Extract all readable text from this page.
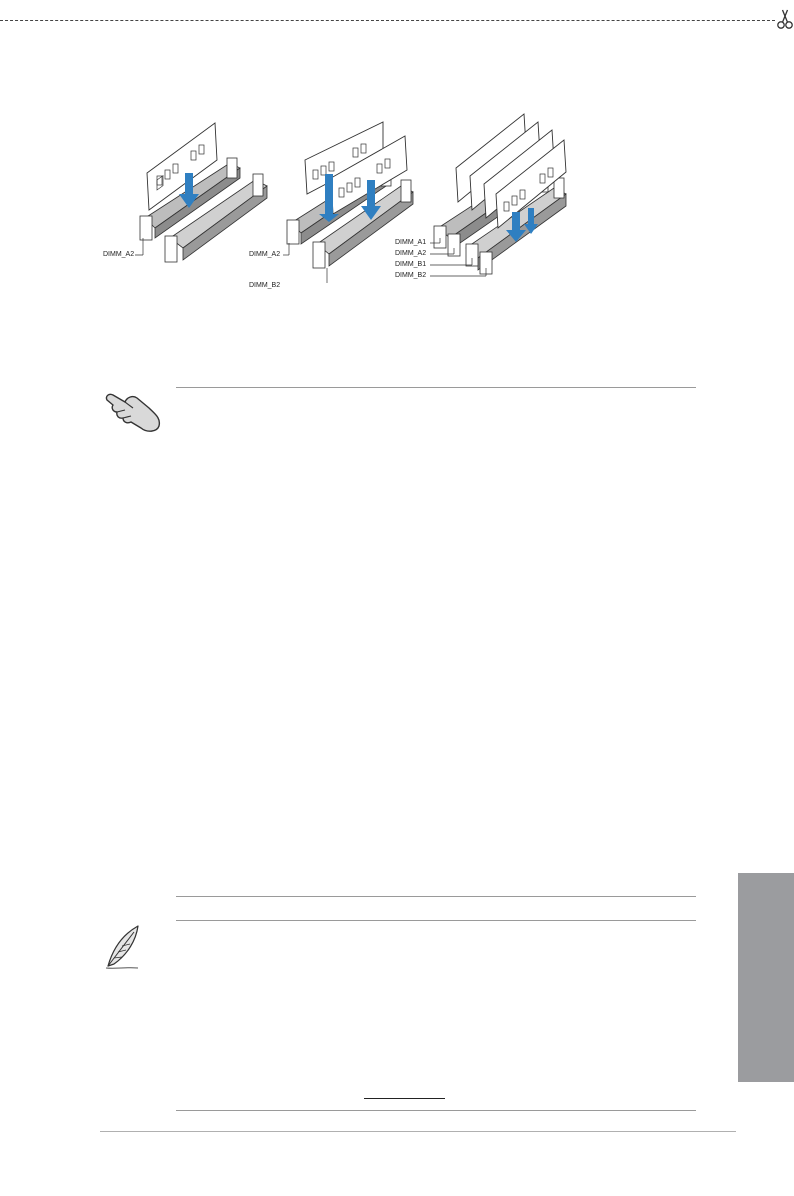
DIMM_A2	DIMM_A2
DIMM_B2
DIMM_A1
DIMM_A2
DIMM_B1
DIMM_B2
